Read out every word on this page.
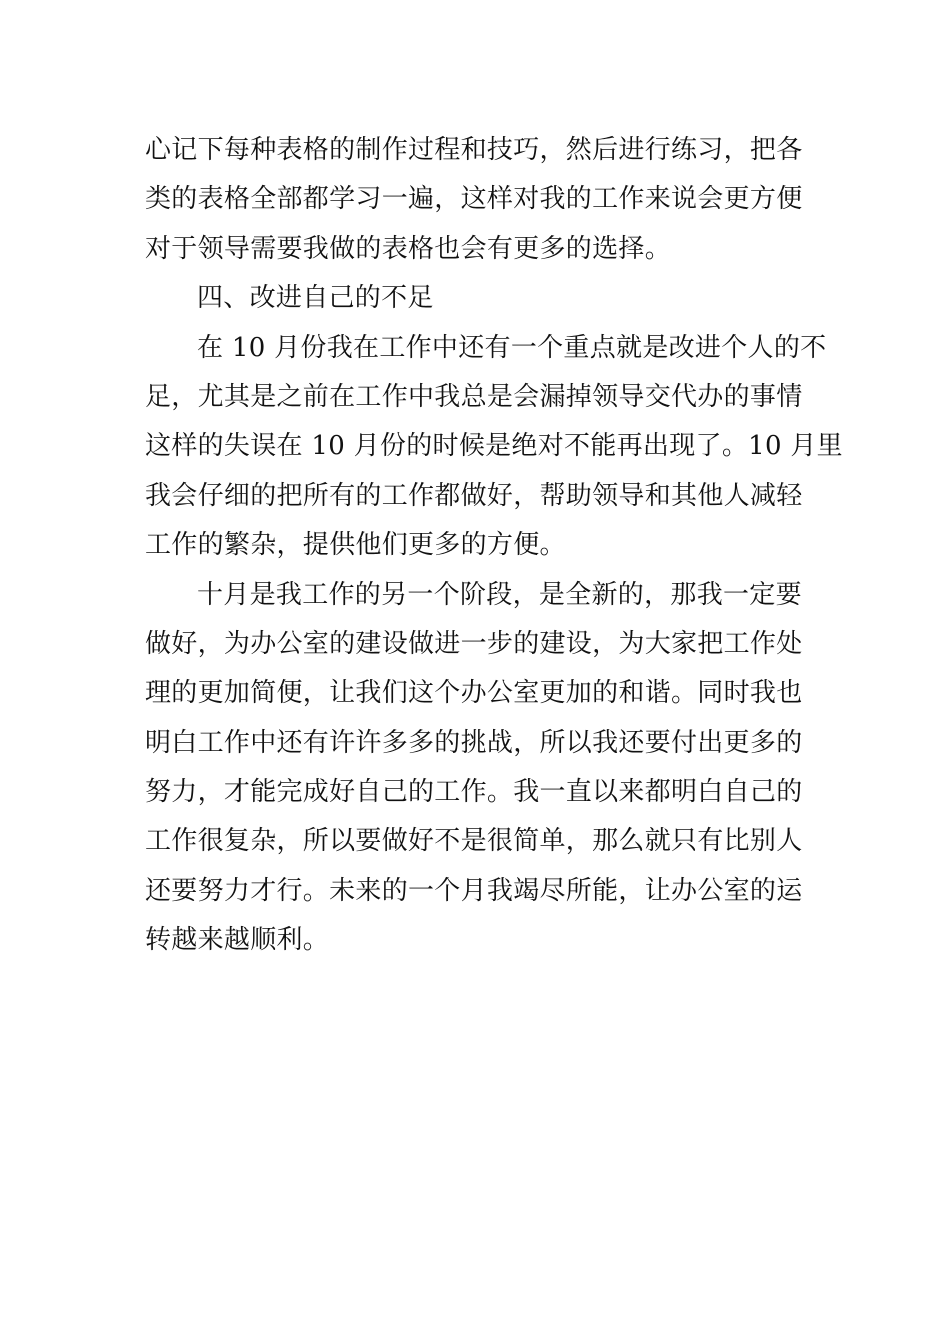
心记下每种表格的制作过程和技巧，然后进行练习，把各
类的表格全部都学习一遍，这样对我的工作来说会更方便
对于领导需要我做的表格也会有更多的选择。
四、改进自己的不足
在 10 月份我在工作中还有一个重点就是改进个人的不
足，尤其是之前在工作中我总是会漏掉领导交代办的事情
这样的失误在 10 月份的时候是绝对不能再出现了。10 月里
我会仔细的把所有的工作都做好，帮助领导和其他人减轻
工作的繁杂，提供他们更多的方便。
十月是我工作的另一个阶段，是全新的，那我一定要
做好，为办公室的建设做进一步的建设，为大家把工作处
理的更加简便，让我们这个办公室更加的和谐。同时我也
明白工作中还有许许多多的挑战，所以我还要付出更多的
努力，才能完成好自己的工作。我一直以来都明白自己的
工作很复杂，所以要做好不是很简单，那么就只有比别人
还要努力才行。未来的一个月我竭尽所能，让办公室的运
转越来越顺利。
